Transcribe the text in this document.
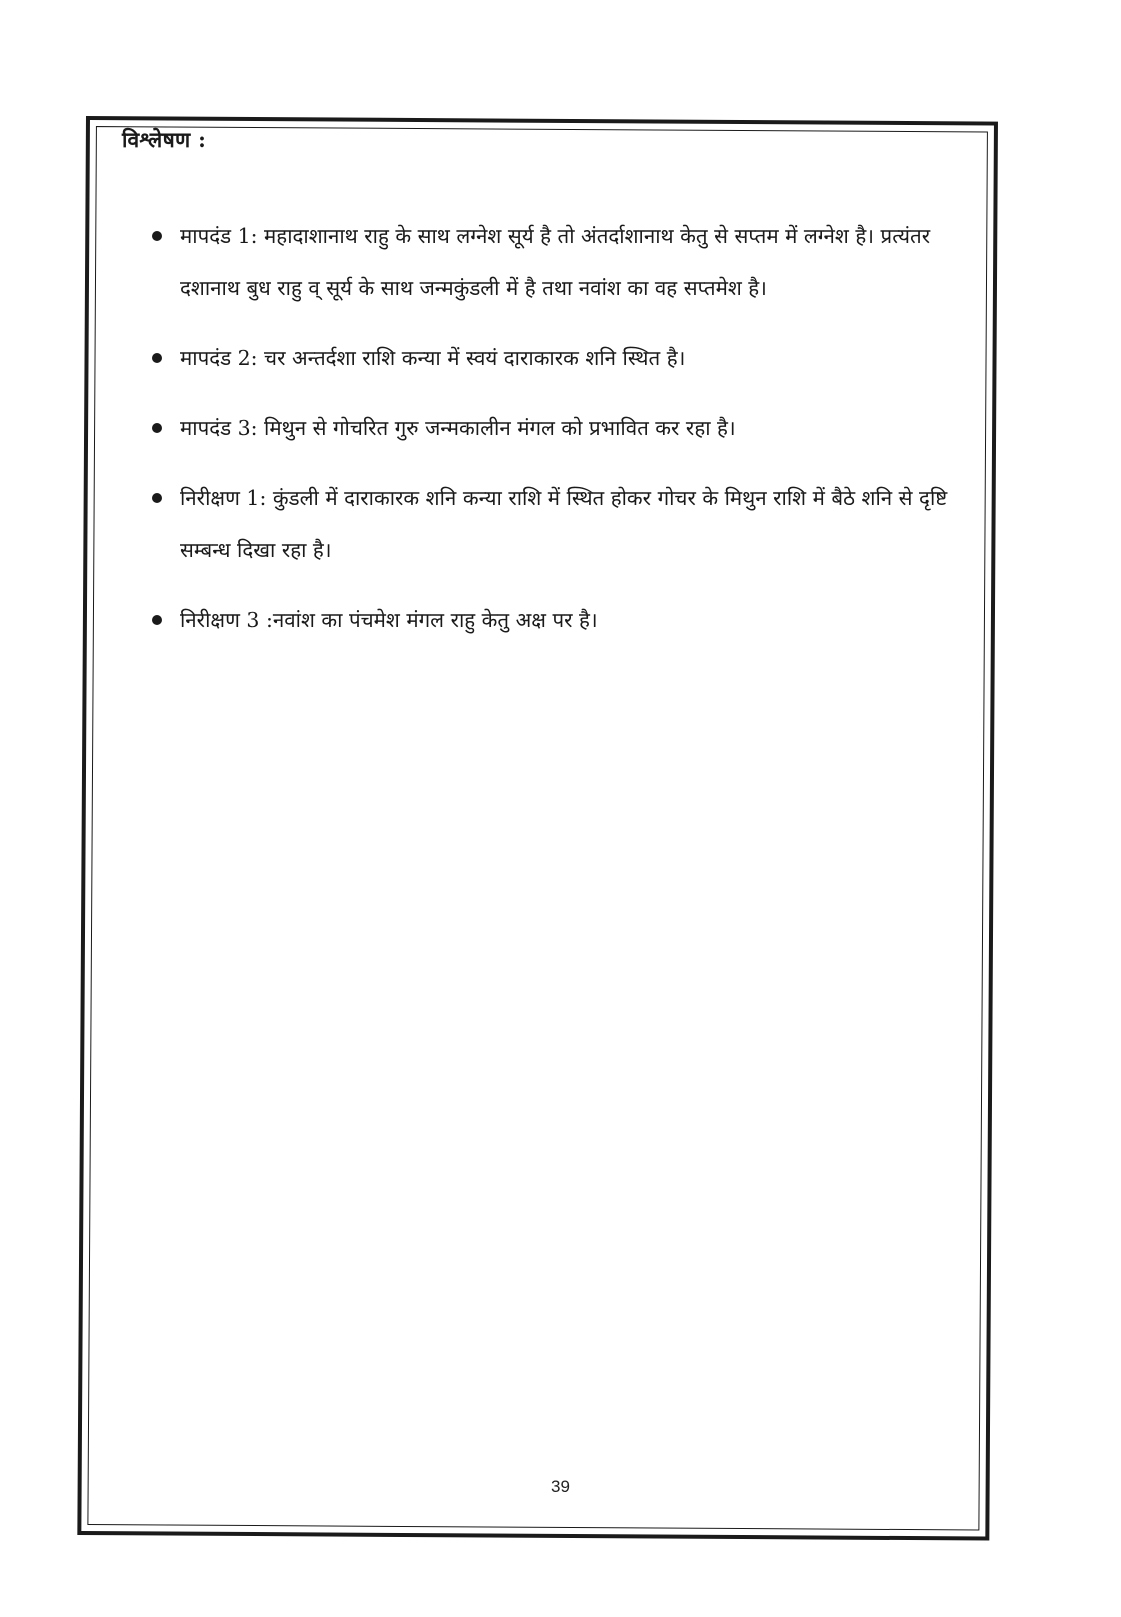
विश्लेषण :
मापदंड 1: महादाशानाथ राहु के साथ लग्नेश सूर्य है तो अंतर्दाशानाथ केतु से सप्तम में लग्नेश है। प्रत्यंतर दशानाथ बुध राहु व् सूर्य के साथ जन्मकुंडली में है तथा नवांश का वह सप्तमेश है।
मापदंड 2: चर अन्तर्दशा राशि कन्या में स्वयं दाराकारक शनि स्थित है।
मापदंड 3: मिथुन से गोचरित गुरु जन्मकालीन मंगल को प्रभावित कर रहा है।
निरीक्षण 1: कुंडली में दाराकारक शनि कन्या राशि में स्थित होकर गोचर के मिथुन राशि में बैठे शनि से दृष्टि सम्बन्ध दिखा रहा है।
निरीक्षण 3 :नवांश का पंचमेश मंगल राहु केतु अक्ष पर है।
39
